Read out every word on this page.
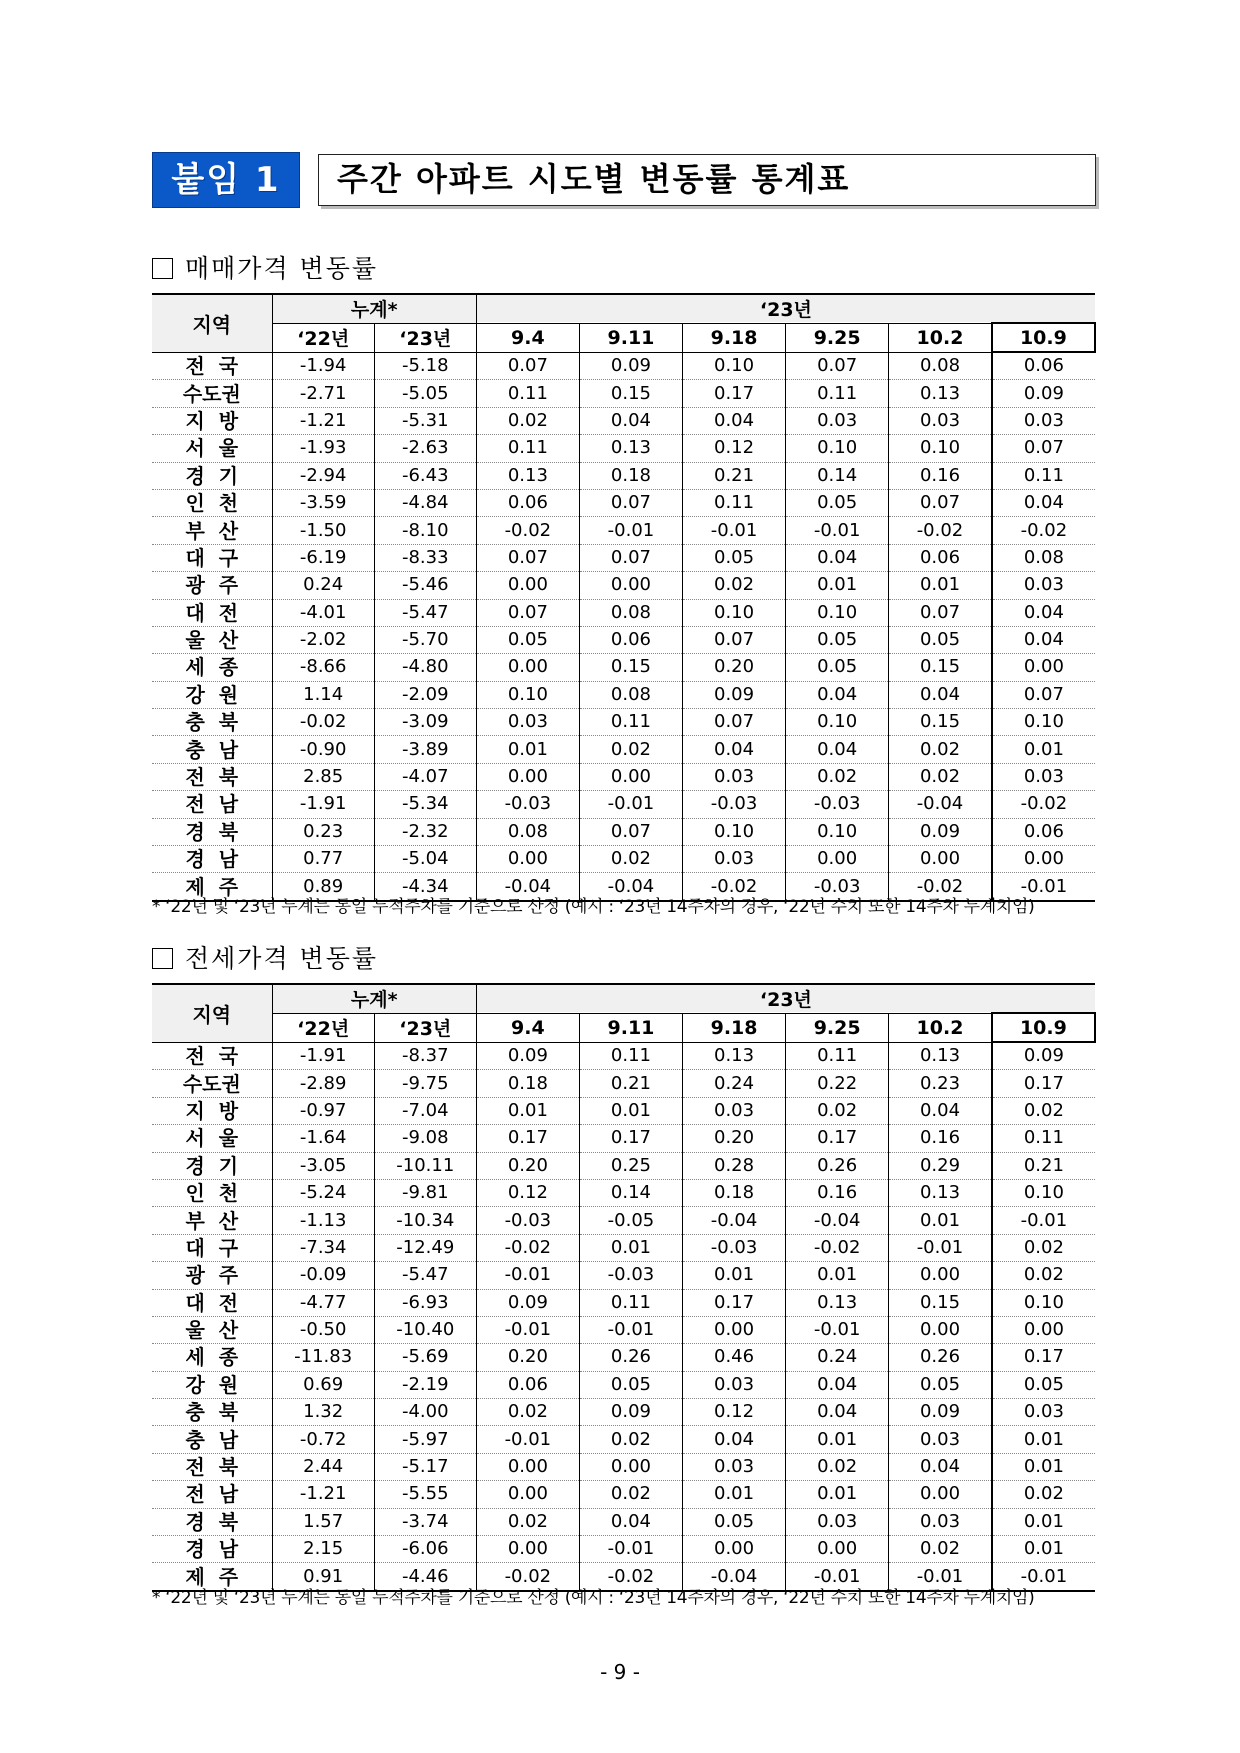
붙임 1	주간 아파트 시도별 변동률 통계표
매매가격 변동률
지역	누계*		‘23년					
	‘22년	‘23년	9.4	9.11	9.18	9.25	10.2	10.9
전국	-1.94	-5.18	0.07	0.09	0.10	0.07	0.08	0.06
수도권	-2.71	-5.05	0.11	0.15	0.17	0.11	0.13	0.09
지방	-1.21	-5.31	0.02	0.04	0.04	0.03	0.03	0.03
서울	-1.93	-2.63	0.11	0.13	0.12	0.10	0.10	0.07
경기	-2.94	-6.43	0.13	0.18	0.21	0.14	0.16	0.11
인천	-3.59	-4.84	0.06	0.07	0.11	0.05	0.07	0.04
부산	-1.50	-8.10	-0.02	-0.01	-0.01	-0.01	-0.02	-0.02
대구	-6.19	-8.33	0.07	0.07	0.05	0.04	0.06	0.08
광주	0.24	-5.46	0.00	0.00	0.02	0.01	0.01	0.03
대전	-4.01	-5.47	0.07	0.08	0.10	0.10	0.07	0.04
울산	-2.02	-5.70	0.05	0.06	0.07	0.05	0.05	0.04
세종	-8.66	-4.80	0.00	0.15	0.20	0.05	0.15	0.00
강원	1.14	-2.09	0.10	0.08	0.09	0.04	0.04	0.07
충북	-0.02	-3.09	0.03	0.11	0.07	0.10	0.15	0.10
충남	-0.90	-3.89	0.01	0.02	0.04	0.04	0.02	0.01
전북	2.85	-4.07	0.00	0.00	0.03	0.02	0.02	0.03
전남	-1.91	-5.34	-0.03	-0.01	-0.03	-0.03	-0.04	-0.02
경북	0.23	-2.32	0.08	0.07	0.10	0.10	0.09	0.06
경남	0.77	-5.04	0.00	0.02	0.03	0.00	0.00	0.00
제주	0.89	-4.34	-0.04	-0.04	-0.02	-0.03	-0.02	-0.01
* ‘22년 및 ‘23년 누계는 동일 누적주차를 기준으로 산정 (예시 : ‘23년 14주차의 경우, ‘22년 수치 또한 14주차 누계치임)
전세가격 변동률
지역	누계*		‘23년					
	‘22년	‘23년	9.4	9.11	9.18	9.25	10.2	10.9
전국	-1.91	-8.37	0.09	0.11	0.13	0.11	0.13	0.09
수도권	-2.89	-9.75	0.18	0.21	0.24	0.22	0.23	0.17
지방	-0.97	-7.04	0.01	0.01	0.03	0.02	0.04	0.02
서울	-1.64	-9.08	0.17	0.17	0.20	0.17	0.16	0.11
경기	-3.05	-10.11	0.20	0.25	0.28	0.26	0.29	0.21
인천	-5.24	-9.81	0.12	0.14	0.18	0.16	0.13	0.10
부산	-1.13	-10.34	-0.03	-0.05	-0.04	-0.04	0.01	-0.01
대구	-7.34	-12.49	-0.02	0.01	-0.03	-0.02	-0.01	0.02
광주	-0.09	-5.47	-0.01	-0.03	0.01	0.01	0.00	0.02
대전	-4.77	-6.93	0.09	0.11	0.17	0.13	0.15	0.10
울산	-0.50	-10.40	-0.01	-0.01	0.00	-0.01	0.00	0.00
세종	-11.83	-5.69	0.20	0.26	0.46	0.24	0.26	0.17
강원	0.69	-2.19	0.06	0.05	0.03	0.04	0.05	0.05
충북	1.32	-4.00	0.02	0.09	0.12	0.04	0.09	0.03
충남	-0.72	-5.97	-0.01	0.02	0.04	0.01	0.03	0.01
전북	2.44	-5.17	0.00	0.00	0.03	0.02	0.04	0.01
전남	-1.21	-5.55	0.00	0.02	0.01	0.01	0.00	0.02
경북	1.57	-3.74	0.02	0.04	0.05	0.03	0.03	0.01
경남	2.15	-6.06	0.00	-0.01	0.00	0.00	0.02	0.01
제주	0.91	-4.46	-0.02	-0.02	-0.04	-0.01	-0.01	-0.01
* ‘22년 및 ‘23년 누계는 동일 누적주차를 기준으로 산정 (예시 : ‘23년 14주차의 경우, ‘22년 수치 또한 14주차 누계치임)
- 9 -
